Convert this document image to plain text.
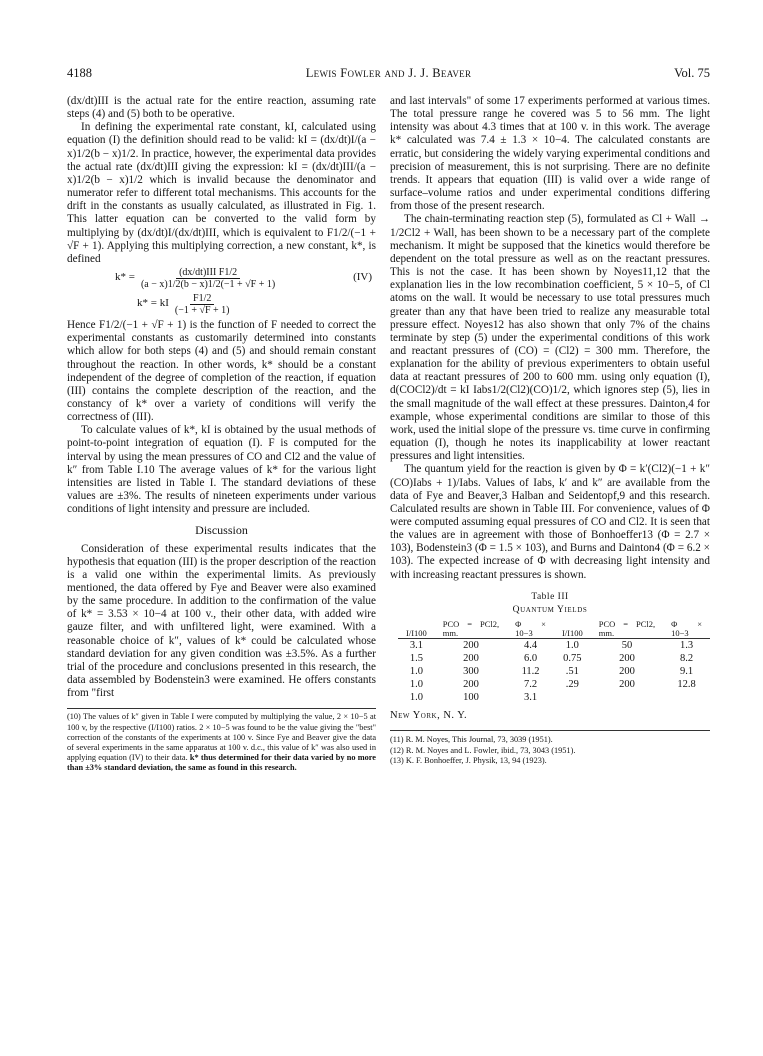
4188	Lewis Fowler and J. J. Beaver	Vol. 75

(dx/dt)III is the actual rate for the entire reaction, assuming rate steps (4) and (5) both to be operative.

In defining the experimental rate constant, kI, calculated using equation (I) the definition should read to be valid: kI = (dx/dt)I/(a − x)1/2(b − x)1/2. In practice, however, the experimental data provides the actual rate (dx/dt)III giving the expression: kI = (dx/dt)III/(a − x)1/2(b − x)1/2 which is invalid because the denominator and numerator refer to different total mechanisms. This accounts for the drift in the constants as usually calculated, as illustrated in Fig. 1. This latter equation can be converted to the valid form by multiplying by (dx/dt)I/(dx/dt)III, which is equivalent to F1/2/(−1 + √F + 1). Applying this multiplying correction, a new constant, k*, is defined

$k* = \frac{\text{(dx/dt)III F1/2}}{(a - x)1/2(b - x)1/2(-1 + √F + 1)}$	(IV)
k* = kI $\frac{F1/2}{(-1 + √F + 1)}$

Hence F1/2/(−1 + √F + 1) is the function of F needed to correct the experimental constants as customarily determined into constants which allow for both steps (4) and (5) and should remain constant throughout the reaction. In other words, k* should be a constant independent of the degree of completion of the reaction, if equation (III) contains the complete description of the reaction, and the constancy of k* over a variety of conditions will verify the correctness of (III).

To calculate values of k*, kI is obtained by the usual methods of point-to-point integration of equation (I). F is computed for the interval by using the mean pressures of CO and Cl2 and the value of k″ from Table I.10 The average values of k* for the various light intensities are listed in Table I. The standard deviations of these values are ±3%. The results of nineteen experiments under various conditions of light intensity and pressure are included.

Discussion

Consideration of these experimental results indicates that the hypothesis that equation (III) is the proper description of the reaction is a valid one within the experimental limits. As previously mentioned, the data offered by Fye and Beaver were also examined by the same procedure. In addition to the confirmation of the value of k* = 3.53 × 10−4 at 100 v., their other data, with added wire gauze filter, and with unfiltered light, were examined. With a reasonable choice of k″, values of k* could be calculated whose standard deviation for any given condition was ±3.5%. As a further trial of the procedure and conclusions presented in this research, the data assembled by Bodenstein3 were examined. He offers constants from "first

(10) The values of k″ given in Table I were computed by multiplying the value, 2 × 10−5 at 100 v, by the respective (I/I100) ratios. 2 × 10−5 was found to be the value giving the "best" correction of the constants of the experiments at 100 v. Since Fye and Beaver give the data of several experiments in the same apparatus at 100 v. d.c., this value of k″ was also used in applying equation (IV) to their data. k* thus determined for their data varied by no more than ±3% standard deviation, the same as found in this research.

and last intervals" of some 17 experiments performed at various times. The total pressure range he covered was 5 to 56 mm. The light intensity was about 4.3 times that at 100 v. in this work. The average k* calculated was 7.4 ± 1.3 × 10−4. The calculated constants are erratic, but considering the widely varying experimental conditions and precision of measurement, this is not surprising. There are no definite trends. It appears that equation (III) is valid over a wide range of surface–volume ratios and under experimental conditions differing from those of the present research.

The chain-terminating reaction step (5), formulated as Cl + Wall → 1/2Cl2 + Wall, has been shown to be a necessary part of the complete mechanism. It might be supposed that the kinetics would therefore be dependent on the total pressure as well as on the reactant pressures. This is not the case. It has been shown by Noyes11,12 that the explanation lies in the low recombination coefficient, 5 × 10−5, of Cl atoms on the wall. It would be necessary to use total pressures much greater than any that have been tried to realize any measurable total pressure effect. Noyes12 has also shown that only 7% of the chains terminate by step (5) under the experimental conditions of this work and reactant pressures of (CO) = (Cl2) = 300 mm. Therefore, the explanation for the ability of previous experimenters to obtain useful data at reactant pressures of 200 to 600 mm. using only equation (I), d(COCl2)/dt = kI Iabs1/2(Cl2)(CO)1/2, which ignores step (5), lies in the small magnitude of the wall effect at these pressures. Dainton,4 for example, whose experimental conditions are similar to those of this work, used the initial slope of the pressure vs. time curve in confirming equation (I), though he notes its inapplicability at lower reactant pressures and light intensities.

The quantum yield for the reaction is given by Φ = k′(Cl2)(−1 + k″(CO)Iabs + 1)/Iabs. Values of Iabs, k′ and k″ are available from the data of Fye and Beaver,3 Halban and Seidentopf,9 and this research. Calculated results are shown in Table III. For convenience, values of Φ were computed assuming equal pressures of CO and Cl2. It is seen that the values are in agreement with those of Bonhoeffer13 (Φ = 2.7 × 103), Bodenstein3 (Φ = 1.5 × 103), and Burns and Dainton4 (Φ = 6.2 × 103). The expected increase of Φ with decreasing light intensity and with increasing reactant pressures is shown.

Table III
Quantum Yields
I/I100	PCO = PCl2, mm.	Φ × 10−3	I/I100	PCO = PCl2, mm.	Φ × 10−3
3.1	200	4.4	1.0	50	1.3
1.5	200	6.0	0.75	200	8.2
1.0	300	11.2	.51	200	9.1
1.0	200	7.2	.29	200	12.8
1.0	100	3.1			
New York, N. Y.
(11) R. M. Noyes, This Journal, 73, 3039 (1951).
(12) R. M. Noyes and L. Fowler, ibid., 73, 3043 (1951).
(13) K. F. Bonhoeffer, J. Physik, 13, 94 (1923).
